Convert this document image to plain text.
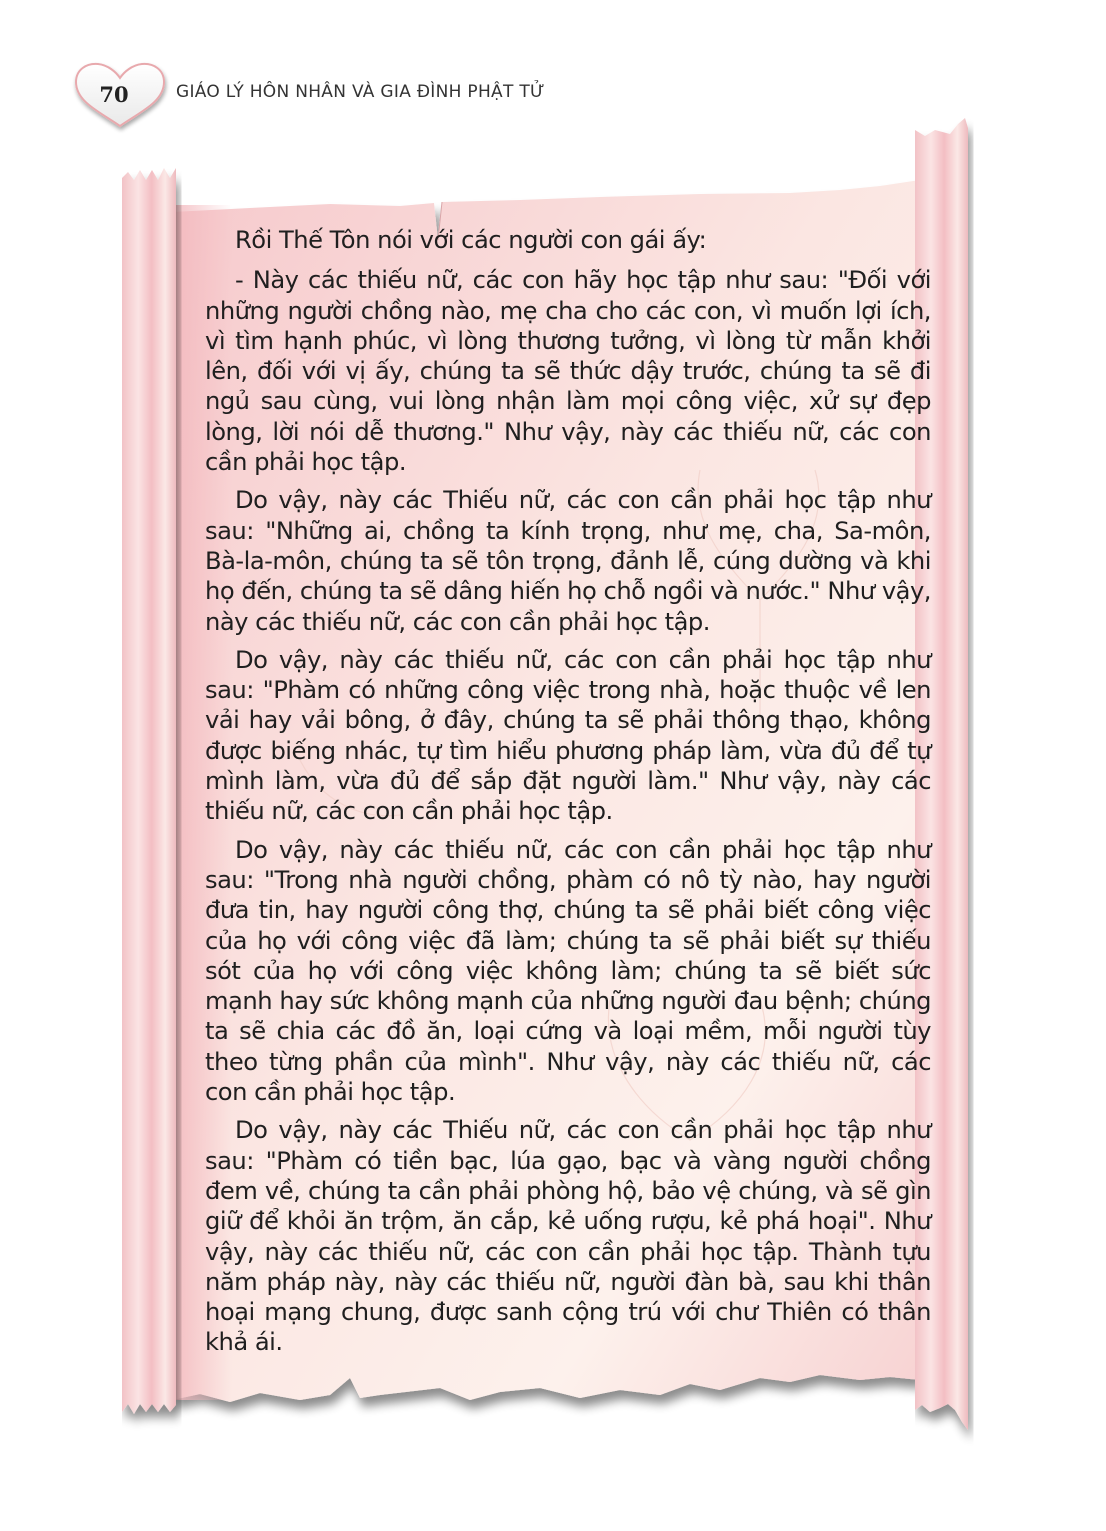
70	GIÁO LÝ HÔN NHÂN VÀ GIA ĐÌNH PHẬT TỬ

Rồi Thế Tôn nói với các người con gái ấy:

- Này các thiếu nữ, các con hãy học tập như sau: "Đối với những người chồng nào, mẹ cha cho các con, vì muốn lợi ích, vì tìm hạnh phúc, vì lòng thương tưởng, vì lòng từ mẫn khởi lên, đối với vị ấy, chúng ta sẽ thức dậy trước, chúng ta sẽ đi ngủ sau cùng, vui lòng nhận làm mọi công việc, xử sự đẹp lòng, lời nói dễ thương." Như vậy, này các thiếu nữ, các con cần phải học tập.

Do vậy, này các Thiếu nữ, các con cần phải học tập như sau: "Những ai, chồng ta kính trọng, như mẹ, cha, Sa-môn, Bà-la-môn, chúng ta sẽ tôn trọng, đảnh lễ, cúng dường và khi họ đến, chúng ta sẽ dâng hiến họ chỗ ngồi và nước." Như vậy, này các thiếu nữ, các con cần phải học tập.

Do vậy, này các thiếu nữ, các con cần phải học tập như sau: "Phàm có những công việc trong nhà, hoặc thuộc về len vải hay vải bông, ở đây, chúng ta sẽ phải thông thạo, không được biếng nhác, tự tìm hiểu phương pháp làm, vừa đủ để tự mình làm, vừa đủ để sắp đặt người làm." Như vậy, này các thiếu nữ, các con cần phải học tập.

Do vậy, này các thiếu nữ, các con cần phải học tập như sau: "Trong nhà người chồng, phàm có nô tỳ nào, hay người đưa tin, hay người công thợ, chúng ta sẽ phải biết công việc của họ với công việc đã làm; chúng ta sẽ phải biết sự thiếu sót của họ với công việc không làm; chúng ta sẽ biết sức mạnh hay sức không mạnh của những người đau bệnh; chúng ta sẽ chia các đồ ăn, loại cứng và loại mềm, mỗi người tùy theo từng phần của mình". Như vậy, này các thiếu nữ, các con cần phải học tập.

Do vậy, này các Thiếu nữ, các con cần phải học tập như sau: "Phàm có tiền bạc, lúa gạo, bạc và vàng người chồng đem về, chúng ta cần phải phòng hộ, bảo vệ chúng, và sẽ gìn giữ để khỏi ăn trộm, ăn cắp, kẻ uống rượu, kẻ phá hoại". Như vậy, này các thiếu nữ, các con cần phải học tập. Thành tựu năm pháp này, này các thiếu nữ, người đàn bà, sau khi thân hoại mạng chung, được sanh cộng trú với chư Thiên có thân khả ái.
